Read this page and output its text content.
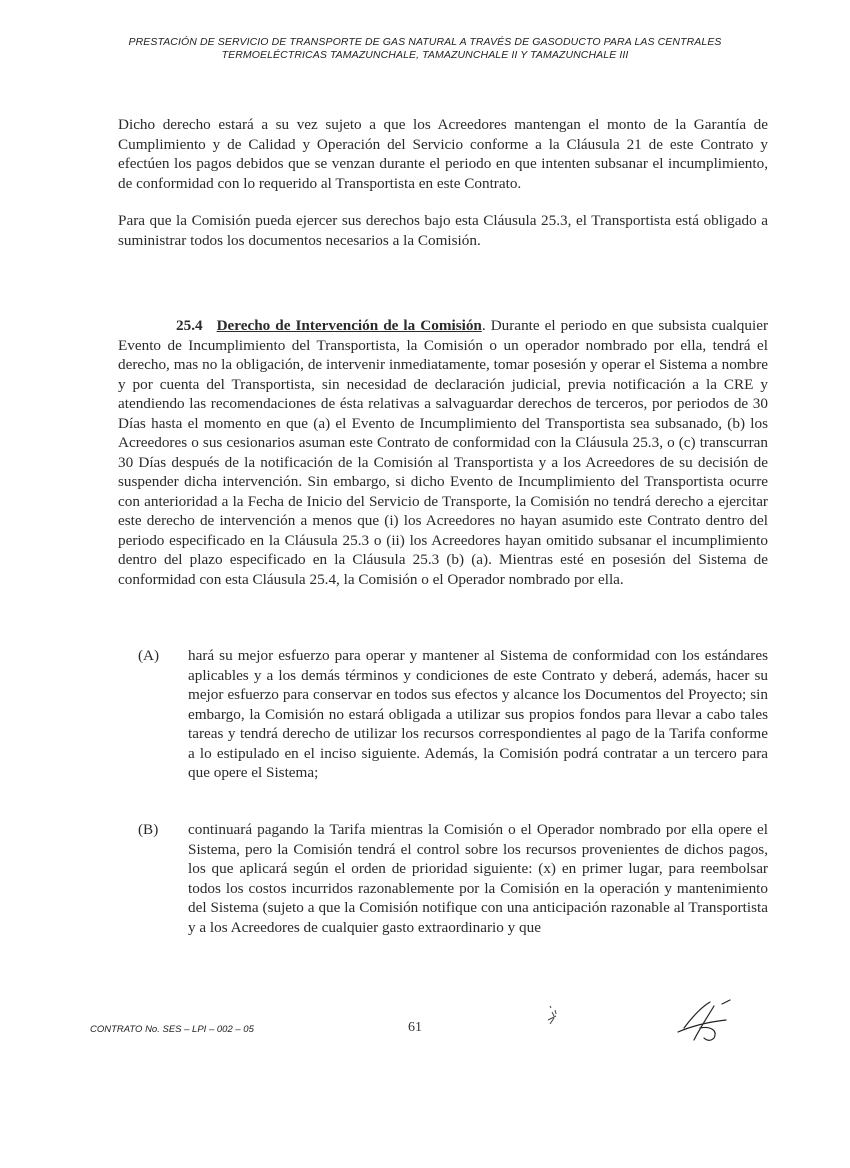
PRESTACIÓN DE SERVICIO DE TRANSPORTE DE GAS NATURAL A TRAVÉS DE GASODUCTO PARA LAS CENTRALES
TERMOELÉCTRICAS TAMAZUNCHALE, TAMAZUNCHALE II Y TAMAZUNCHALE III
Dicho derecho estará a su vez sujeto a que los Acreedores mantengan el monto de la Garantía de Cumplimiento y de Calidad y Operación del Servicio conforme a la Cláusula 21 de este Contrato y efectúen los pagos debidos que se venzan durante el periodo en que intenten subsanar el incumplimiento, de conformidad con lo requerido al Transportista en este Contrato.
Para que la Comisión pueda ejercer sus derechos bajo esta Cláusula 25.3, el Transportista está obligado a suministrar todos los documentos necesarios a la Comisión.
25.4 Derecho de Intervención de la Comisión. Durante el periodo en que subsista cualquier Evento de Incumplimiento del Transportista, la Comisión o un operador nombrado por ella, tendrá el derecho, mas no la obligación, de intervenir inmediatamente, tomar posesión y operar el Sistema a nombre y por cuenta del Transportista, sin necesidad de declaración judicial, previa notificación a la CRE y atendiendo las recomendaciones de ésta relativas a salvaguardar derechos de terceros, por periodos de 30 Días hasta el momento en que (a) el Evento de Incumplimiento del Transportista sea subsanado, (b) los Acreedores o sus cesionarios asuman este Contrato de conformidad con la Cláusula 25.3, o (c) transcurran 30 Días después de la notificación de la Comisión al Transportista y a los Acreedores de su decisión de suspender dicha intervención. Sin embargo, si dicho Evento de Incumplimiento del Transportista ocurre con anterioridad a la Fecha de Inicio del Servicio de Transporte, la Comisión no tendrá derecho a ejercitar este derecho de intervención a menos que (i) los Acreedores no hayan asumido este Contrato dentro del periodo especificado en la Cláusula 25.3 o (ii) los Acreedores hayan omitido subsanar el incumplimiento dentro del plazo especificado en la Cláusula 25.3 (b) (a). Mientras esté en posesión del Sistema de conformidad con esta Cláusula 25.4, la Comisión o el Operador nombrado por ella.
(A)	hará su mejor esfuerzo para operar y mantener al Sistema de conformidad con los estándares aplicables y a los demás términos y condiciones de este Contrato y deberá, además, hacer su mejor esfuerzo para conservar en todos sus efectos y alcance los Documentos del Proyecto; sin embargo, la Comisión no estará obligada a utilizar sus propios fondos para llevar a cabo tales tareas y tendrá derecho de utilizar los recursos correspondientes al pago de la Tarifa conforme a lo estipulado en el inciso siguiente. Además, la Comisión podrá contratar a un tercero para que opere el Sistema;
(B)	continuará pagando la Tarifa mientras la Comisión o el Operador nombrado por ella opere el Sistema, pero la Comisión tendrá el control sobre los recursos provenientes de dichos pagos, los que aplicará según el orden de prioridad siguiente: (x) en primer lugar, para reembolsar todos los costos incurridos razonablemente por la Comisión en la operación y mantenimiento del Sistema (sujeto a que la Comisión notifique con una anticipación razonable al Transportista y a los Acreedores de cualquier gasto extraordinario y que
CONTRATO No. SES – LPI – 002 – 05	61
